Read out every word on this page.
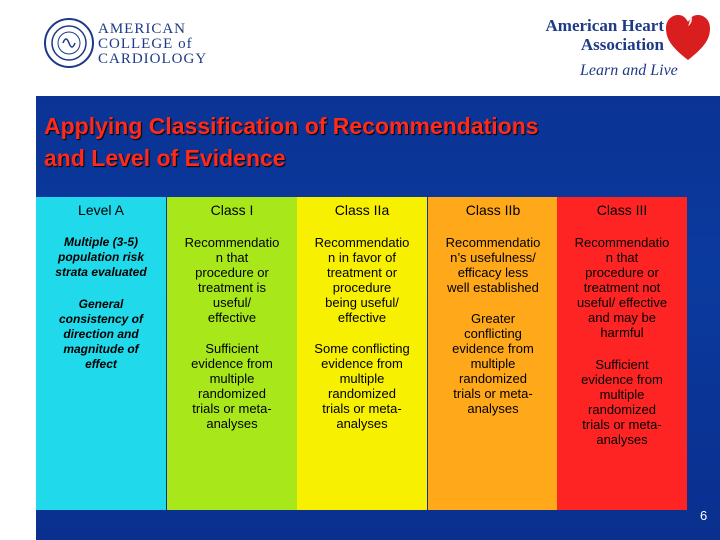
AMERICAN
COLLEGE of
CARDIOLOGY
American Heart
Association
Learn and Live
Applying Classification of Recommendations
and Level of Evidence
Level A
Multiple (3-5)
population risk
strata evaluated
General
consistency of
direction and
magnitude of
effect
Class I
Recommendatio
n that
procedure or
treatment is
useful/
effective
Sufficient
evidence from
multiple
randomized
trials or meta-
analyses
Class IIa
Recommendatio
n in favor of
treatment or
procedure
being useful/
effective
Some conflicting
evidence from
multiple
randomized
trials or meta-
analyses
Class IIb
Recommendatio
n’s usefulness/
efficacy less
well established
Greater
conflicting
evidence from
multiple
randomized
trials or meta-
analyses
Class III
Recommendatio
n that
procedure or
treatment not
useful/ effective
and may be
harmful
Sufficient
evidence from
multiple
randomized
trials or meta-
analyses
6
